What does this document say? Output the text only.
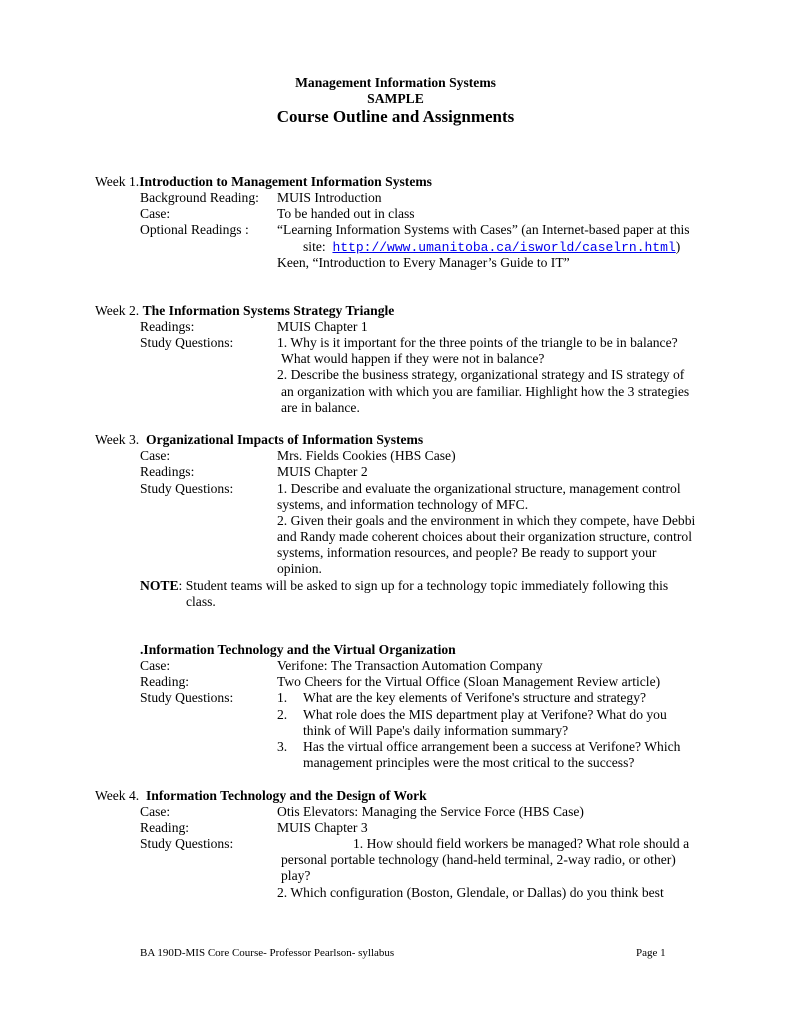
Management Information Systems
SAMPLE
Course Outline and Assignments
Week 1.Introduction to Management Information Systems
Background Reading: MUIS Introduction
Case:	To be handed out in class
Optional Readings : “Learning Information Systems with Cases” (an Internet-based paper at this
site: http://www.umanitoba.ca/isworld/caselrn.html)
Keen, “Introduction to Every Manager’s Guide to IT”
Week 2. The Information Systems Strategy Triangle
Readings:	MUIS Chapter 1
Study Questions:	1. Why is it important for the three points of the triangle to be in balance?
What would happen if they were not in balance?
2. Describe the business strategy, organizational strategy and IS strategy of
an organization with which you are familiar. Highlight how the 3 strategies
are in balance.
Week 3. Organizational Impacts of Information Systems
Case:	Mrs. Fields Cookies (HBS Case)
Readings:	MUIS Chapter 2
Study Questions:	1. Describe and evaluate the organizational structure, management control
systems, and information technology of MFC.
2. Given their goals and the environment in which they compete, have Debbi
and Randy made coherent choices about their organization structure, control
systems, information resources, and people? Be ready to support your
opinion.
NOTE: Student teams will be asked to sign up for a technology topic immediately following this
class.
.Information Technology and the Virtual Organization
Case:	Verifone: The Transaction Automation Company
Reading:	Two Cheers for the Virtual Office (Sloan Management Review article)
Study Questions:	1. What are the key elements of Verifone's structure and strategy?
2. What role does the MIS department play at Verifone? What do you
think of Will Pape's daily information summary?
3. Has the virtual office arrangement been a success at Verifone? Which
management principles were the most critical to the success?
Week 4. Information Technology and the Design of Work
Case:	Otis Elevators: Managing the Service Force (HBS Case)
Reading:	MUIS Chapter 3
Study Questions:	1. How should field workers be managed? What role should a
personal portable technology (hand-held terminal, 2-way radio, or other)
play?
2. Which configuration (Boston, Glendale, or Dallas) do you think best
BA 190D-MIS Core Course- Professor Pearlson- syllabus	Page 1
